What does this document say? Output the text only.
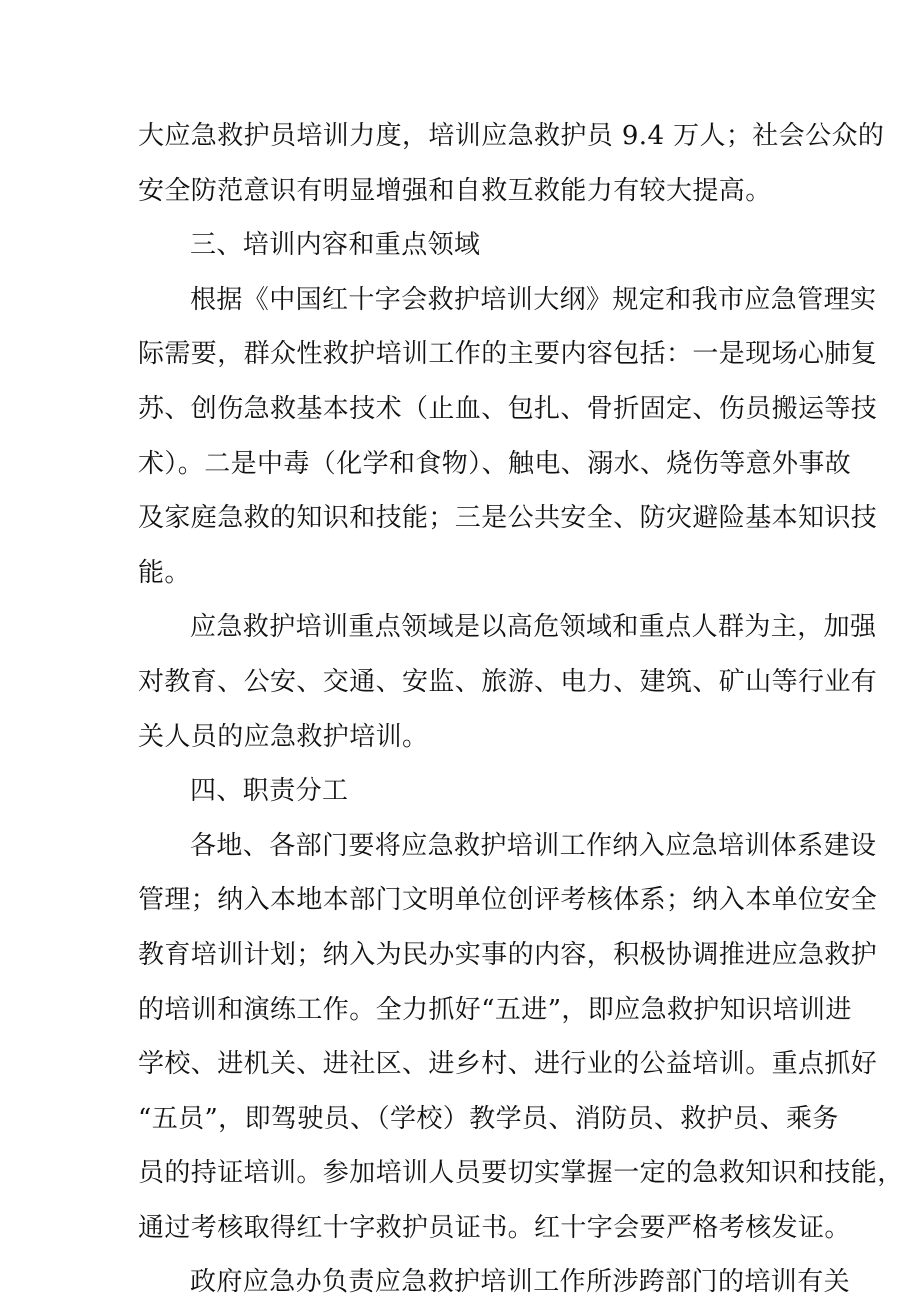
大应急救护员培训力度，培训应急救护员 9.4 万人；社会公众的
安全防范意识有明显增强和自救互救能力有较大提高。
三、培训内容和重点领域
根据《中国红十字会救护培训大纲》规定和我市应急管理实
际需要，群众性救护培训工作的主要内容包括：一是现场心肺复
苏、创伤急救基本技术（止血、包扎、骨折固定、伤员搬运等技
术）。二是中毒（化学和食物）、触电、溺水、烧伤等意外事故
及家庭急救的知识和技能；三是公共安全、防灾避险基本知识技
能。
应急救护培训重点领域是以高危领域和重点人群为主，加强
对教育、公安、交通、安监、旅游、电力、建筑、矿山等行业有
关人员的应急救护培训。
四、职责分工
各地、各部门要将应急救护培训工作纳入应急培训体系建设
管理；纳入本地本部门文明单位创评考核体系；纳入本单位安全
教育培训计划；纳入为民办实事的内容，积极协调推进应急救护
的培训和演练工作。全力抓好“五进”，即应急救护知识培训进
学校、进机关、进社区、进乡村、进行业的公益培训。重点抓好
“五员”，即驾驶员、（学校）教学员、消防员、救护员、乘务
员的持证培训。参加培训人员要切实掌握一定的急救知识和技能，
通过考核取得红十字救护员证书。红十字会要严格考核发证。
政府应急办负责应急救护培训工作所涉跨部门的培训有关
